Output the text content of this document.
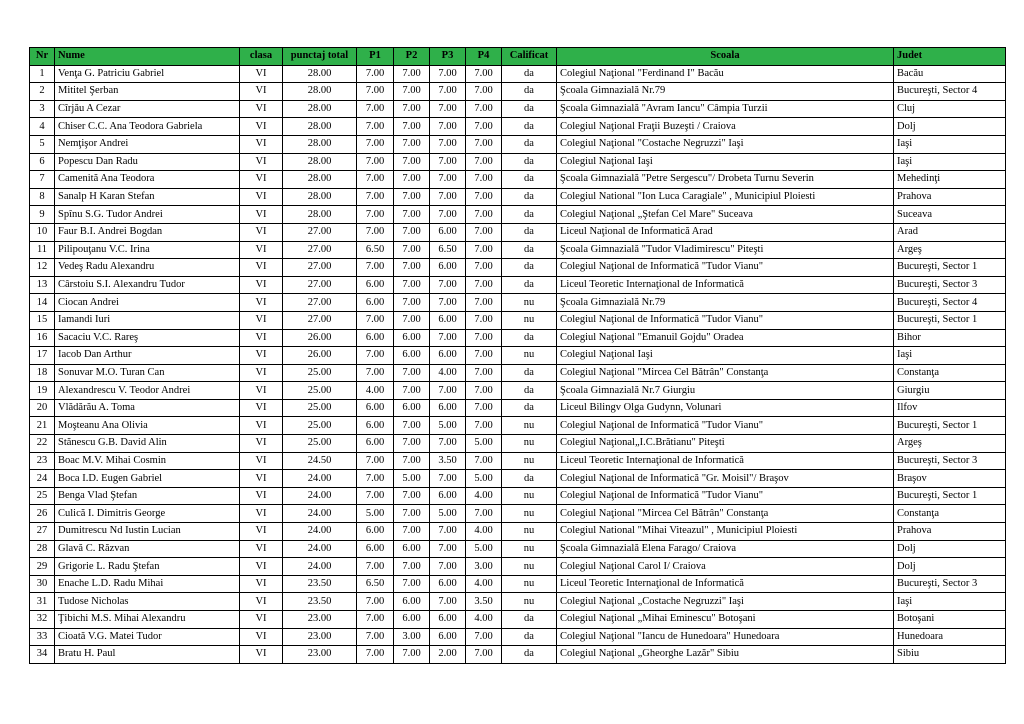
Nr	Nume	clasa	punctaj total	P1	P2	P3	P4	Calificat	Scoala	Judet
1	Venţa G. Patriciu Gabriel	VI	28.00	7.00	7.00	7.00	7.00	da	Colegiul Naţional "Ferdinand I" Bacău	Bacău
2	Mititel Şerban	VI	28.00	7.00	7.00	7.00	7.00	da	Şcoala Gimnazială Nr.79	Bucureşti, Sector 4
3	Cîrjău A Cezar	VI	28.00	7.00	7.00	7.00	7.00	da	Şcoala Gimnazială "Avram Iancu" Câmpia Turzii	Cluj
4	Chiser C.C. Ana Teodora Gabriela	VI	28.00	7.00	7.00	7.00	7.00	da	Colegiul Naţional Fraţii Buzeşti / Craiova	Dolj
5	Nemţişor Andrei	VI	28.00	7.00	7.00	7.00	7.00	da	Colegiul Naţional "Costache Negruzzi" Iaşi	Iaşi
6	Popescu Dan Radu	VI	28.00	7.00	7.00	7.00	7.00	da	Colegiul Naţional Iaşi	Iaşi
7	Camenită Ana Teodora	VI	28.00	7.00	7.00	7.00	7.00	da	Şcoala Gimnazială "Petre Sergescu"/ Drobeta Turnu Severin	Mehedinţi
8	Sanalp H Karan Stefan	VI	28.00	7.00	7.00	7.00	7.00	da	Colegiul National "Ion Luca Caragiale" , Municipiul Ploiesti	Prahova
9	Spînu S.G. Tudor Andrei	VI	28.00	7.00	7.00	7.00	7.00	da	Colegiul Naţional „Ştefan Cel Mare" Suceava	Suceava
10	Faur B.I. Andrei Bogdan	VI	27.00	7.00	7.00	6.00	7.00	da	Liceul Naţional de Informatică Arad	Arad
11	Pilipouţanu V.C. Irina	VI	27.00	6.50	7.00	6.50	7.00	da	Şcoala Gimnazială "Tudor Vladimirescu" Piteşti	Argeş
12	Vedeş Radu Alexandru	VI	27.00	7.00	7.00	6.00	7.00	da	Colegiul Naţional de Informatică "Tudor Vianu"	Bucureşti, Sector 1
13	Cârstoiu S.I. Alexandru Tudor	VI	27.00	6.00	7.00	7.00	7.00	da	Liceul Teoretic Internaţional de Informatică	Bucureşti, Sector 3
14	Ciocan Andrei	VI	27.00	6.00	7.00	7.00	7.00	nu	Şcoala Gimnazială Nr.79	Bucureşti, Sector 4
15	Iamandi Iuri	VI	27.00	7.00	7.00	6.00	7.00	nu	Colegiul Naţional de Informatică "Tudor Vianu"	Bucureşti, Sector 1
16	Sacaciu V.C. Rareş	VI	26.00	6.00	6.00	7.00	7.00	da	Colegiul Naţional "Emanuil Gojdu" Oradea	Bihor
17	Iacob Dan Arthur	VI	26.00	7.00	6.00	6.00	7.00	nu	Colegiul Naţional Iaşi	Iaşi
18	Sonuvar M.O. Turan Can	VI	25.00	7.00	7.00	4.00	7.00	da	Colegiul Naţional "Mircea Cel Bătrân" Constanţa	Constanţa
19	Alexandrescu V. Teodor Andrei	VI	25.00	4.00	7.00	7.00	7.00	da	Şcoala Gimnazială Nr.7 Giurgiu	Giurgiu
20	Vlădărău A. Toma	VI	25.00	6.00	6.00	6.00	7.00	da	Liceul Bilingv Olga Gudynn, Volunari	Ilfov
21	Moşteanu Ana Olivia	VI	25.00	6.00	7.00	5.00	7.00	nu	Colegiul Naţional de Informatică "Tudor Vianu"	Bucureşti, Sector 1
22	Stănescu G.B. David Alin	VI	25.00	6.00	7.00	7.00	5.00	nu	Colegiul Naţional„I.C.Brătianu" Piteşti	Argeş
23	Boac M.V. Mihai Cosmin	VI	24.50	7.00	7.00	3.50	7.00	nu	Liceul Teoretic Internaţional de Informatică	Bucureşti, Sector 3
24	Boca I.D. Eugen Gabriel	VI	24.00	7.00	5.00	7.00	5.00	da	Colegiul Naţional de Informatică "Gr. Moisil"/ Braşov	Braşov
25	Benga Vlad Ştefan	VI	24.00	7.00	7.00	6.00	4.00	nu	Colegiul Naţional de Informatică "Tudor Vianu"	Bucureşti, Sector 1
26	Culică I. Dimitris George	VI	24.00	5.00	7.00	5.00	7.00	nu	Colegiul Naţional "Mircea Cel Bătrân" Constanţa	Constanţa
27	Dumitrescu Nd Iustin Lucian	VI	24.00	6.00	7.00	7.00	4.00	nu	Colegiul National "Mihai Viteazul" , Municipiul Ploiesti	Prahova
28	Glavă C. Răzvan	VI	24.00	6.00	6.00	7.00	5.00	nu	Şcoala Gimnazială Elena Farago/ Craiova	Dolj
29	Grigorie L. Radu Ştefan	VI	24.00	7.00	7.00	7.00	3.00	nu	Colegiul Naţional Carol I/ Craiova	Dolj
30	Enache L.D. Radu Mihai	VI	23.50	6.50	7.00	6.00	4.00	nu	Liceul Teoretic Internaţional de Informatică	Bucureşti, Sector 3
31	Tudose Nicholas	VI	23.50	7.00	6.00	7.00	3.50	nu	Colegiul Naţional „Costache Negruzzi" Iaşi	Iaşi
32	Ţibichi M.S. Mihai Alexandru	VI	23.00	7.00	6.00	6.00	4.00	da	Colegiul Naţional „Mihai Eminescu" Botoşani	Botoşani
33	Cioată V.G. Matei Tudor	VI	23.00	7.00	3.00	6.00	7.00	da	Colegiul Naţional "Iancu de Hunedoara" Hunedoara	Hunedoara
34	Bratu H. Paul	VI	23.00	7.00	7.00	2.00	7.00	da	Colegiul Naţional „Gheorghe Lazăr" Sibiu	Sibiu
